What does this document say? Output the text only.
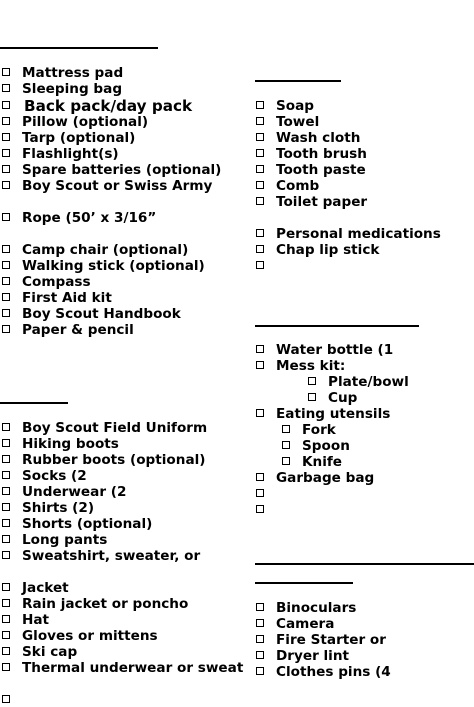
Mattress pad
Sleeping bag
Back pack/day pack
Pillow (optional)
Tarp (optional)
Flashlight(s)
Spare batteries (optional)
Boy Scout or Swiss Army
Rope (50’ x 3/16”
Camp chair (optional)
Walking stick (optional)
Compass
First Aid kit
Boy Scout Handbook
Paper & pencil
Boy Scout Field Uniform
Hiking boots
Rubber boots (optional)
Socks (2
Underwear (2
Shirts (2)
Shorts (optional)
Long pants
Sweatshirt, sweater, or
Jacket
Rain jacket or poncho
Hat
Gloves or mittens
Ski cap
Thermal underwear or sweat
Soap
Towel
Wash cloth
Tooth brush
Tooth paste
Comb
Toilet paper
Personal medications
Chap lip stick
Water bottle (1
Mess kit:
Plate/bowl
Cup
Eating utensils
Fork
Spoon
Knife
Garbage bag
Binoculars
Camera
Fire Starter or
Dryer lint
Clothes pins (4
